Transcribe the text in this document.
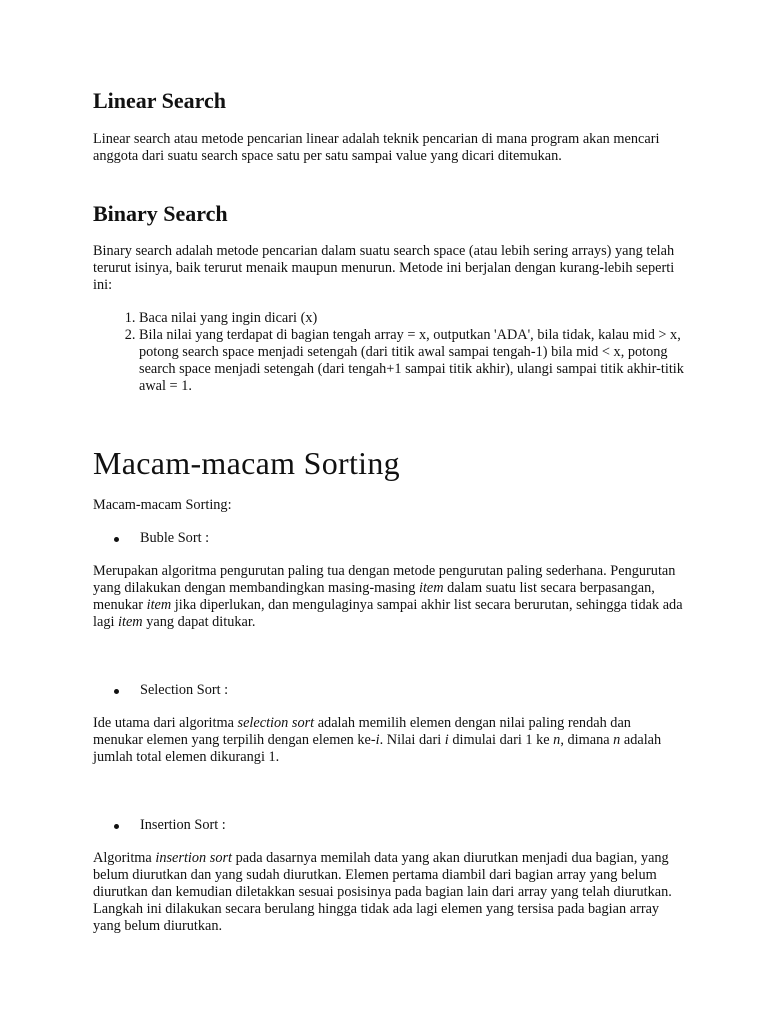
Linear Search

Linear search atau metode pencarian linear adalah teknik pencarian di mana program akan mencari anggota dari suatu search space satu per satu sampai value yang dicari ditemukan.

Binary Search

Binary search adalah metode pencarian dalam suatu search space (atau lebih sering arrays) yang telah terurut isinya, baik terurut menaik maupun menurun. Metode ini berjalan dengan kurang-lebih seperti ini:

1. Baca nilai yang ingin dicari (x)
2. Bila nilai yang terdapat di bagian tengah array = x, outputkan 'ADA', bila tidak, kalau mid > x, potong search space menjadi setengah (dari titik awal sampai tengah-1) bila mid < x, potong search space menjadi setengah (dari tengah+1 sampai titik akhir), ulangi sampai titik akhir-titik awal = 1.
Macam-macam Sorting

Macam-macam Sorting:

Buble Sort :

Merupakan algoritma pengurutan paling tua dengan metode pengurutan paling sederhana. Pengurutan yang dilakukan dengan membandingkan masing-masing item dalam suatu list secara berpasangan, menukar item jika diperlukan, dan mengulaginya sampai akhir list secara berurutan, sehingga tidak ada lagi item yang dapat ditukar.

Selection Sort :

Ide utama dari algoritma selection sort adalah memilih elemen dengan nilai paling rendah dan menukar elemen yang terpilih dengan elemen ke-i. Nilai dari i dimulai dari 1 ke n, dimana n adalah jumlah total elemen dikurangi 1.

Insertion Sort :

Algoritma insertion sort pada dasarnya memilah data yang akan diurutkan menjadi dua bagian, yang belum diurutkan dan yang sudah diurutkan. Elemen pertama diambil dari bagian array yang belum diurutkan dan kemudian diletakkan sesuai posisinya pada bagian lain dari array yang telah diurutkan. Langkah ini dilakukan secara berulang hingga tidak ada lagi elemen yang tersisa pada bagian array yang belum diurutkan.
